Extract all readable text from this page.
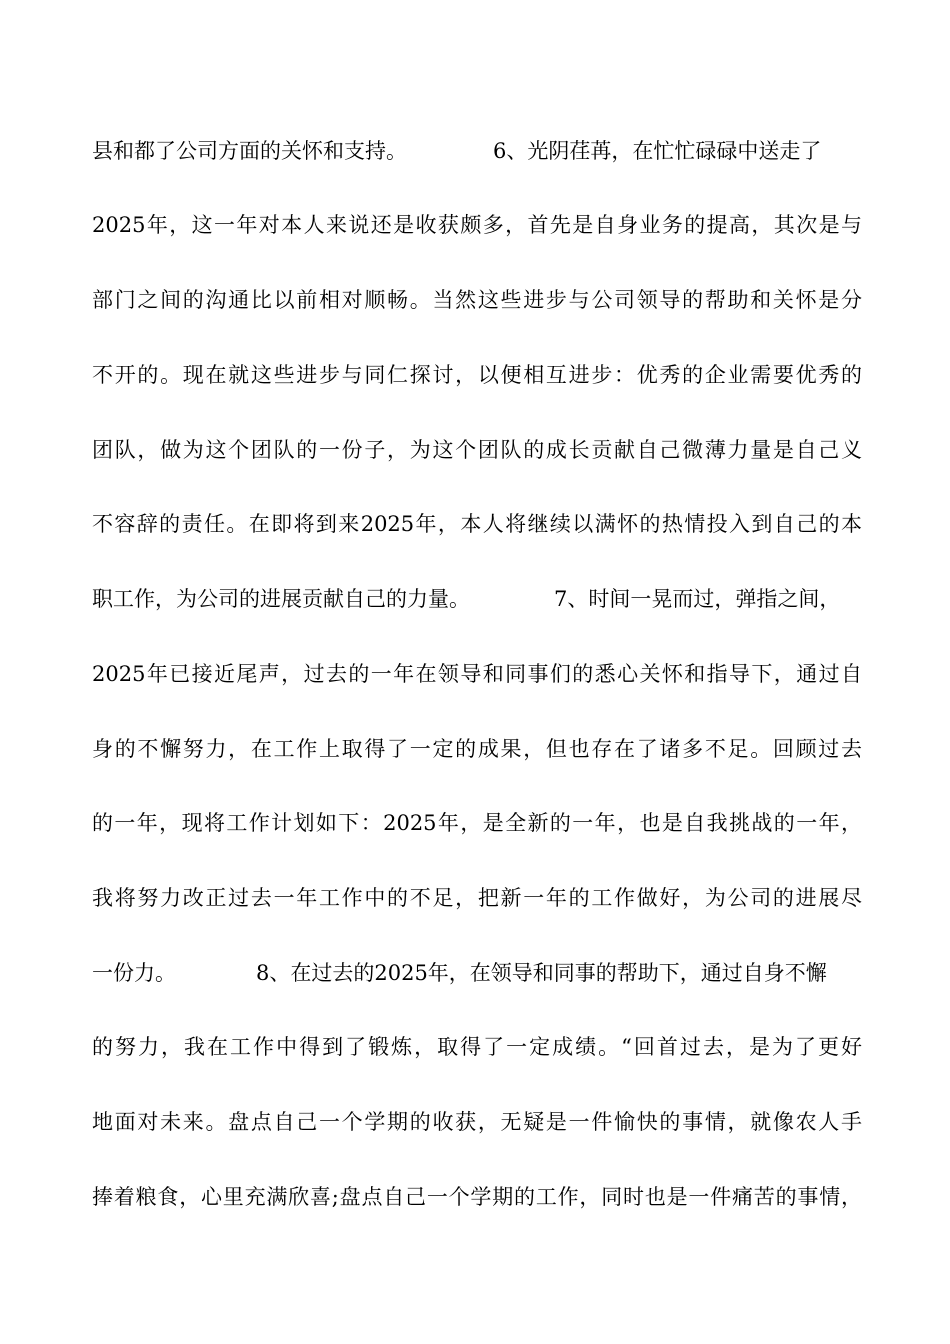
县和都了公司方面的关怀和支持。	6、光阴荏苒，在忙忙碌碌中送走了
2025年，这一年对本人来说还是收获颇多，首先是自身业务的提高，其次是与
部门之间的沟通比以前相对顺畅。当然这些进步与公司领导的帮助和关怀是分
不开的。现在就这些进步与同仁探讨，以便相互进步：优秀的企业需要优秀的
团队，做为这个团队的一份子，为这个团队的成长贡献自己微薄力量是自己义
不容辞的责任。在即将到来2025年，本人将继续以满怀的热情投入到自己的本
职工作，为公司的进展贡献自己的力量。	7、时间一晃而过，弹指之间，
2025年已接近尾声，过去的一年在领导和同事们的悉心关怀和指导下，通过自
身的不懈努力，在工作上取得了一定的成果，但也存在了诸多不足。回顾过去
的一年，现将工作计划如下：2025年，是全新的一年，也是自我挑战的一年，
我将努力改正过去一年工作中的不足，把新一年的工作做好，为公司的进展尽
一份力。	8、在过去的2025年，在领导和同事的帮助下，通过自身不懈
的努力，我在工作中得到了锻炼，取得了一定成绩。“回首过去，是为了更好
地面对未来。盘点自己一个学期的收获，无疑是一件愉快的事情，就像农人手
捧着粮食，心里充满欣喜;盘点自己一个学期的工作，同时也是一件痛苦的事情，
